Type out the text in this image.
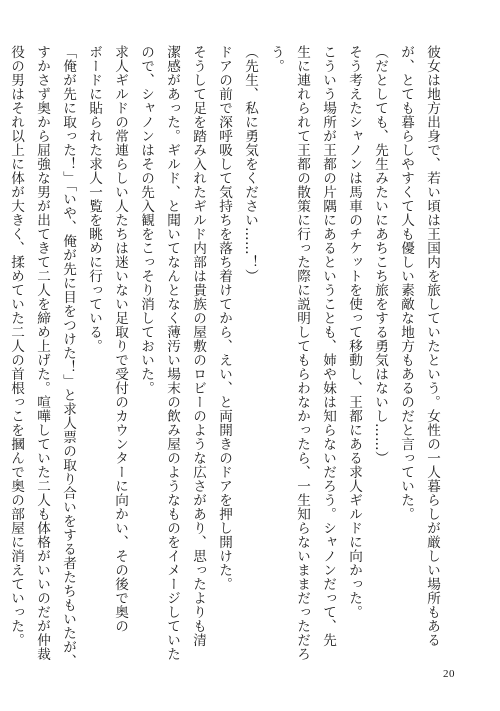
彼女は地方出身で、若い頃は王国内を旅していたという。女性の一人暮らしが厳しい場所もある
が、とても暮らしやすくて人も優しい素敵な地方もあるのだと言っていた。
（だとしても、先生みたいにあちこち旅をする勇気はないし……）
そう考えたシャノンは馬車のチケットを使って移動し、王都にある求人ギルドに向かった。
こういう場所が王都の片隅にあるということも、姉や妹は知らないだろう。シャノンだって、先
生に連れられて王都の散策に行った際に説明してもらわなかったら、一生知らないままだっただろ
う。
（先生、私に勇気をください……！）
ドアの前で深呼吸して気持ちを落ち着けてから、えい、と両開きのドアを押し開けた。
そうして足を踏み入れたギルド内部は貴族の屋敷のロビーのような広さがあり、思ったよりも清
潔感があった。ギルド、と聞いてなんとなく薄汚い場末の飲み屋のようなものをイメージしていた
ので、シャノンはその先入観をこっそり消しておいた。
求人ギルドの常連らしい人たちは迷いない足取りで受付のカウンターに向かい、その後で奥の
ボードに貼られた求人一覧を眺めに行っている。
「俺が先に取った！」「いや、俺が先に目をつけた！」と求人票の取り合いをする者たちもいたが、
すかさず奥から屈強な男が出てきて二人を締め上げた。喧嘩していた二人も体格がいいのだが仲裁
役の男はそれ以上に体が大きく、揉めていた二人の首根っこを摑んで奥の部屋に消えていった。
20
